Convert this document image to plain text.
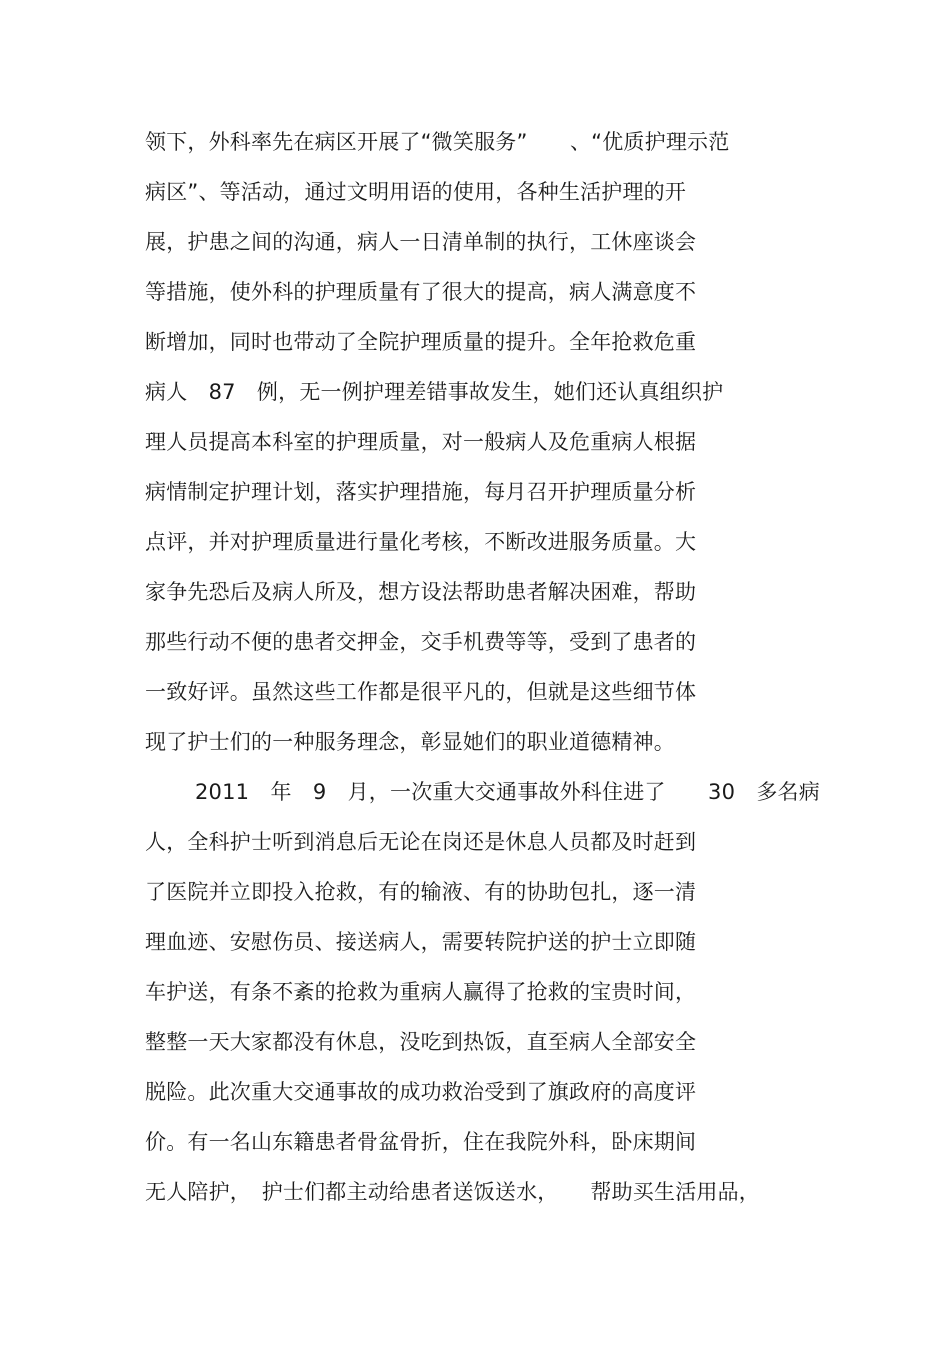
领下，外科率先在病区开展了“微笑服务”　　、“优质护理示范

病区”、等活动，通过文明用语的使用，各种生活护理的开

展，护患之间的沟通，病人一日清单制的执行，工休座谈会

等措施，使外科的护理质量有了很大的提高，病人满意度不

断增加，同时也带动了全院护理质量的提升。全年抢救危重

病人　87　例，无一例护理差错事故发生，她们还认真组织护

理人员提高本科室的护理质量，对一般病人及危重病人根据

病情制定护理计划，落实护理措施，每月召开护理质量分析

点评，并对护理质量进行量化考核，不断改进服务质量。大

家争先恐后及病人所及，想方设法帮助患者解决困难，帮助

那些行动不便的患者交押金，交手机费等等，受到了患者的

一致好评。虽然这些工作都是很平凡的，但就是这些细节体

现了护士们的一种服务理念，彰显她们的职业道德精神。

2011　年　9　月，一次重大交通事故外科住进了　　30　多名病

人，全科护士听到消息后无论在岗还是休息人员都及时赶到

了医院并立即投入抢救，有的输液、有的协助包扎，逐一清

理血迹、安慰伤员、接送病人，需要转院护送的护士立即随

车护送，有条不紊的抢救为重病人赢得了抢救的宝贵时间，

整整一天大家都没有休息，没吃到热饭，直至病人全部安全

脱险。此次重大交通事故的成功救治受到了旗政府的高度评

价。有一名山东籍患者骨盆骨折，住在我院外科，卧床期间

无人陪护，　护士们都主动给患者送饭送水，　　帮助买生活用品，
